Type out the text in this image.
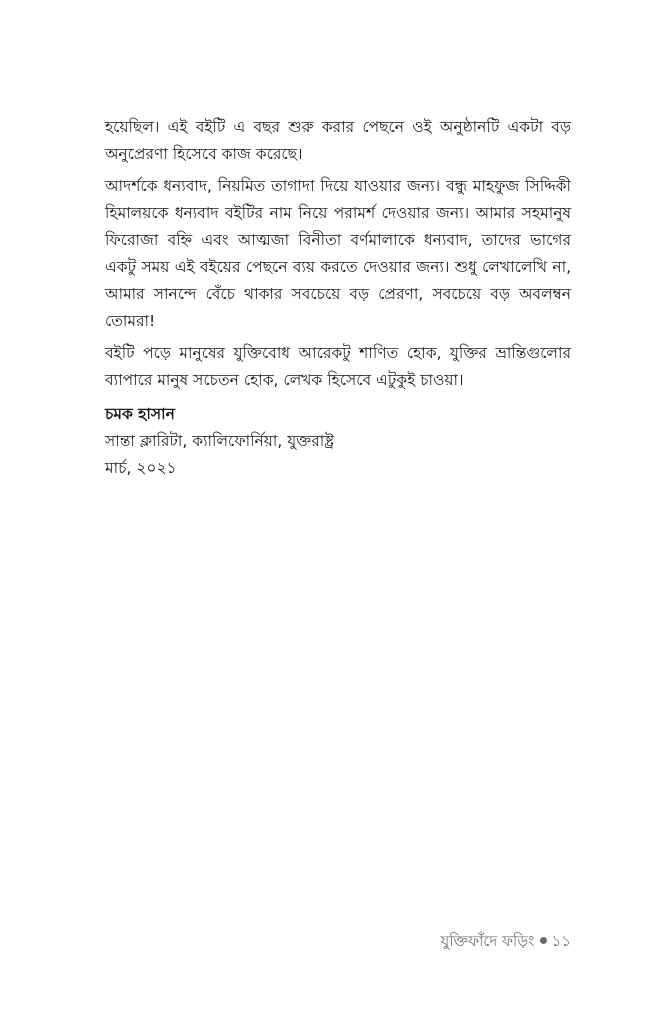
হয়েছিল। এই বইটি এ বছর শুরু করার পেছনে ওই অনুষ্ঠানটি একটা বড় অনুপ্রেরণা হিসেবে কাজ করেছে।

আদর্শকে ধন্যবাদ, নিয়মিত তাগাদা দিয়ে যাওয়ার জন্য। বন্ধু মাহফুজ সিদ্দিকী হিমালয়কে ধন্যবাদ বইটির নাম নিয়ে পরামর্শ দেওয়ার জন্য। আমার সহমানুষ ফিরোজা বহ্নি এবং আত্মজা বিনীতা বর্ণমালাকে ধন্যবাদ, তাদের ভাগের একটু সময় এই বইয়ের পেছনে ব্যয় করতে দেওয়ার জন্য। শুধু লেখালেখি না, আমার সানন্দে বেঁচে থাকার সবচেয়ে বড় প্রেরণা, সবচেয়ে বড় অবলম্বন তোমরা!

বইটি পড়ে মানুষের যুক্তিবোধ আরেকটু শাণিত হোক, যুক্তির ভ্রান্তিগুলোর ব্যাপারে মানুষ সচেতন হোক, লেখক হিসেবে এটুকুই চাওয়া।

চমক হাসান
সান্তা ক্লারিটা, ক্যালিফোর্নিয়া, যুক্তরাষ্ট্র
মার্চ, ২০২১
যুক্তিফাঁদে ফড়িং ১১
